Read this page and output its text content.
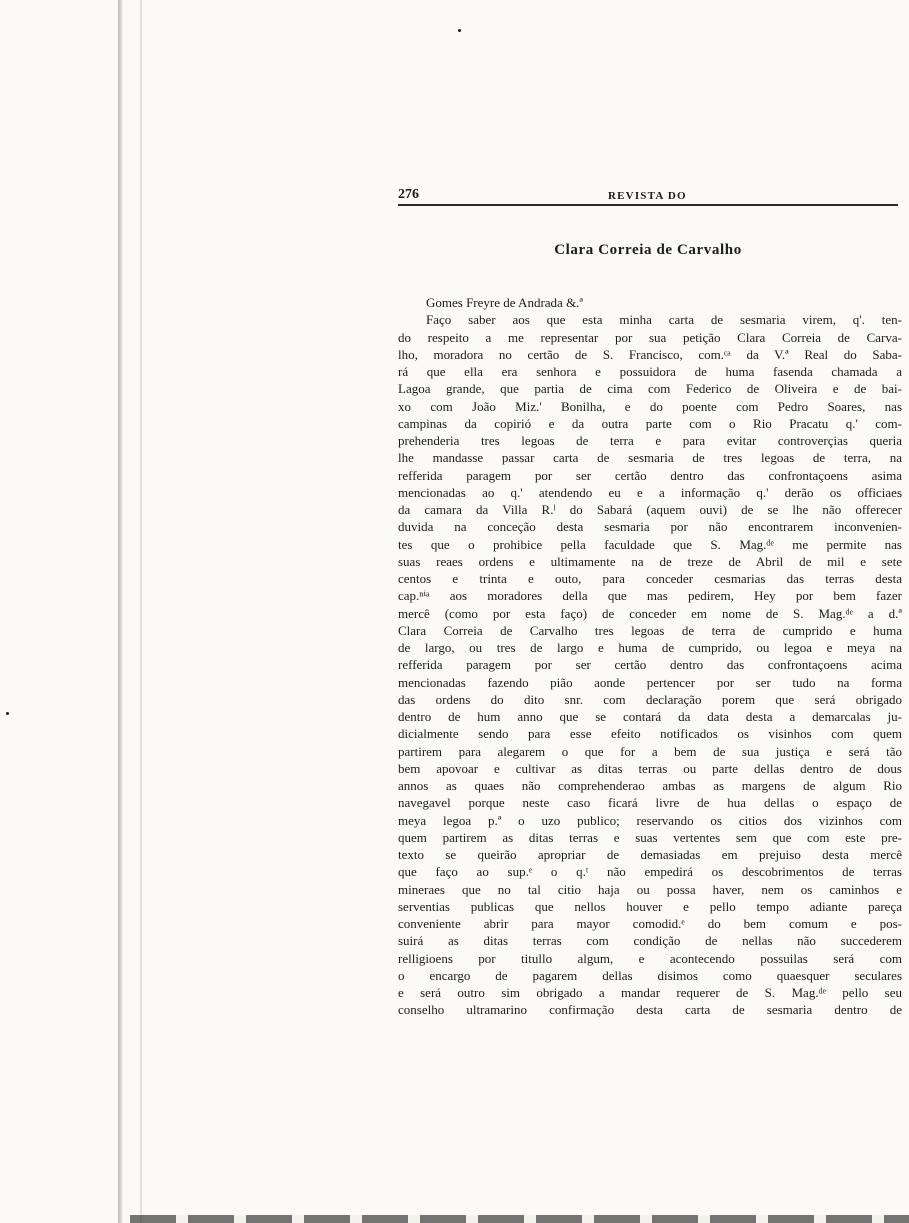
276	REVISTA DO
Clara Correia de Carvalho
Gomes Freyre de Andrada &.ª
Faço saber aos que esta minha carta de sesmaria virem, q'. ten-
do respeito a me representar por sua petição Clara Correia de Carva-
lho, moradora no certão de S. Francisco, com.ᶜᵃ da V.ª Real do Saba-
rá que ella era senhora e possuidora de huma fasenda chamada a
Lagoa grande, que partia de cima com Federico de Oliveira e de bai-
xo com João Miz.' Bonilha, e do poente com Pedro Soares, nas
campinas da copirió e da outra parte com o Rio Pracatu q.' com-
prehenderia tres legoas de terra e para evitar controverçias queria
lhe mandasse passar carta de sesmaria de tres legoas de terra, na
refferida paragem por ser certão dentro das confrontaçoens asima
mencionadas ao q.' atendendo eu e a informação q.' derão os officiaes
da camara da Villa R.ˡ do Sabará (aquem ouvi) de se lhe não offerecer
duvida na conceção desta sesmaria por não encontrarem inconvenien-
tes que o prohibice pella faculdade que S. Mag.ᵈᵉ me permite nas
suas reaes ordens e ultimamente na de treze de Abril de mil e sete
centos e trinta e outo, para conceder cesmarias das terras desta
cap.ⁿⁱᵃ aos moradores della que mas pedirem, Hey por bem fazer
mercê (como por esta faço) de conceder em nome de S. Mag.ᵈᵉ a d.ª
Clara Correia de Carvalho tres legoas de terra de cumprido e huma
de largo, ou tres de largo e huma de cumprido, ou legoa e meya na
refferida paragem por ser certão dentro das confrontaçoens acima
mencionadas fazendo pião aonde pertencer por ser tudo na forma
das ordens do dito snr. com declaração porem que será obrigado
dentro de hum anno que se contará da data desta a demarcalas ju-
dicialmente sendo para esse efeito notificados os visinhos com quem
partirem para alegarem o que for a bem de sua justiça e será tão
bem apovoar e cultivar as ditas terras ou parte dellas dentro de dous
annos as quaes não comprehenderao ambas as margens de algum Rio
navegavel porque neste caso ficará livre de hua dellas o espaço de
meya legoa p.ª o uzo publico; reservando os citios dos vizinhos com
quem partirem as ditas terras e suas vertentes sem que com este pre-
texto se queirão apropriar de demasiadas em prejuiso desta mercê
que faço ao sup.ᵉ o q.ᵗ não empedirá os descobrimentos de terras
mineraes que no tal citio haja ou possa haver, nem os caminhos e
serventias publicas que nellos houver e pello tempo adiante pareça
conveniente abrir para mayor comodid.ᵉ do bem comum e pos-
suirá as ditas terras com condição de nellas não succederem
relligioens por titullo algum, e acontecendo possuilas será com
o encargo de pagarem dellas disimos como quaesquer seculares
e será outro sim obrigado a mandar requerer de S. Mag.ᵈᵉ pello seu
conselho ultramarino confirmação desta carta de sesmaria dentro de
